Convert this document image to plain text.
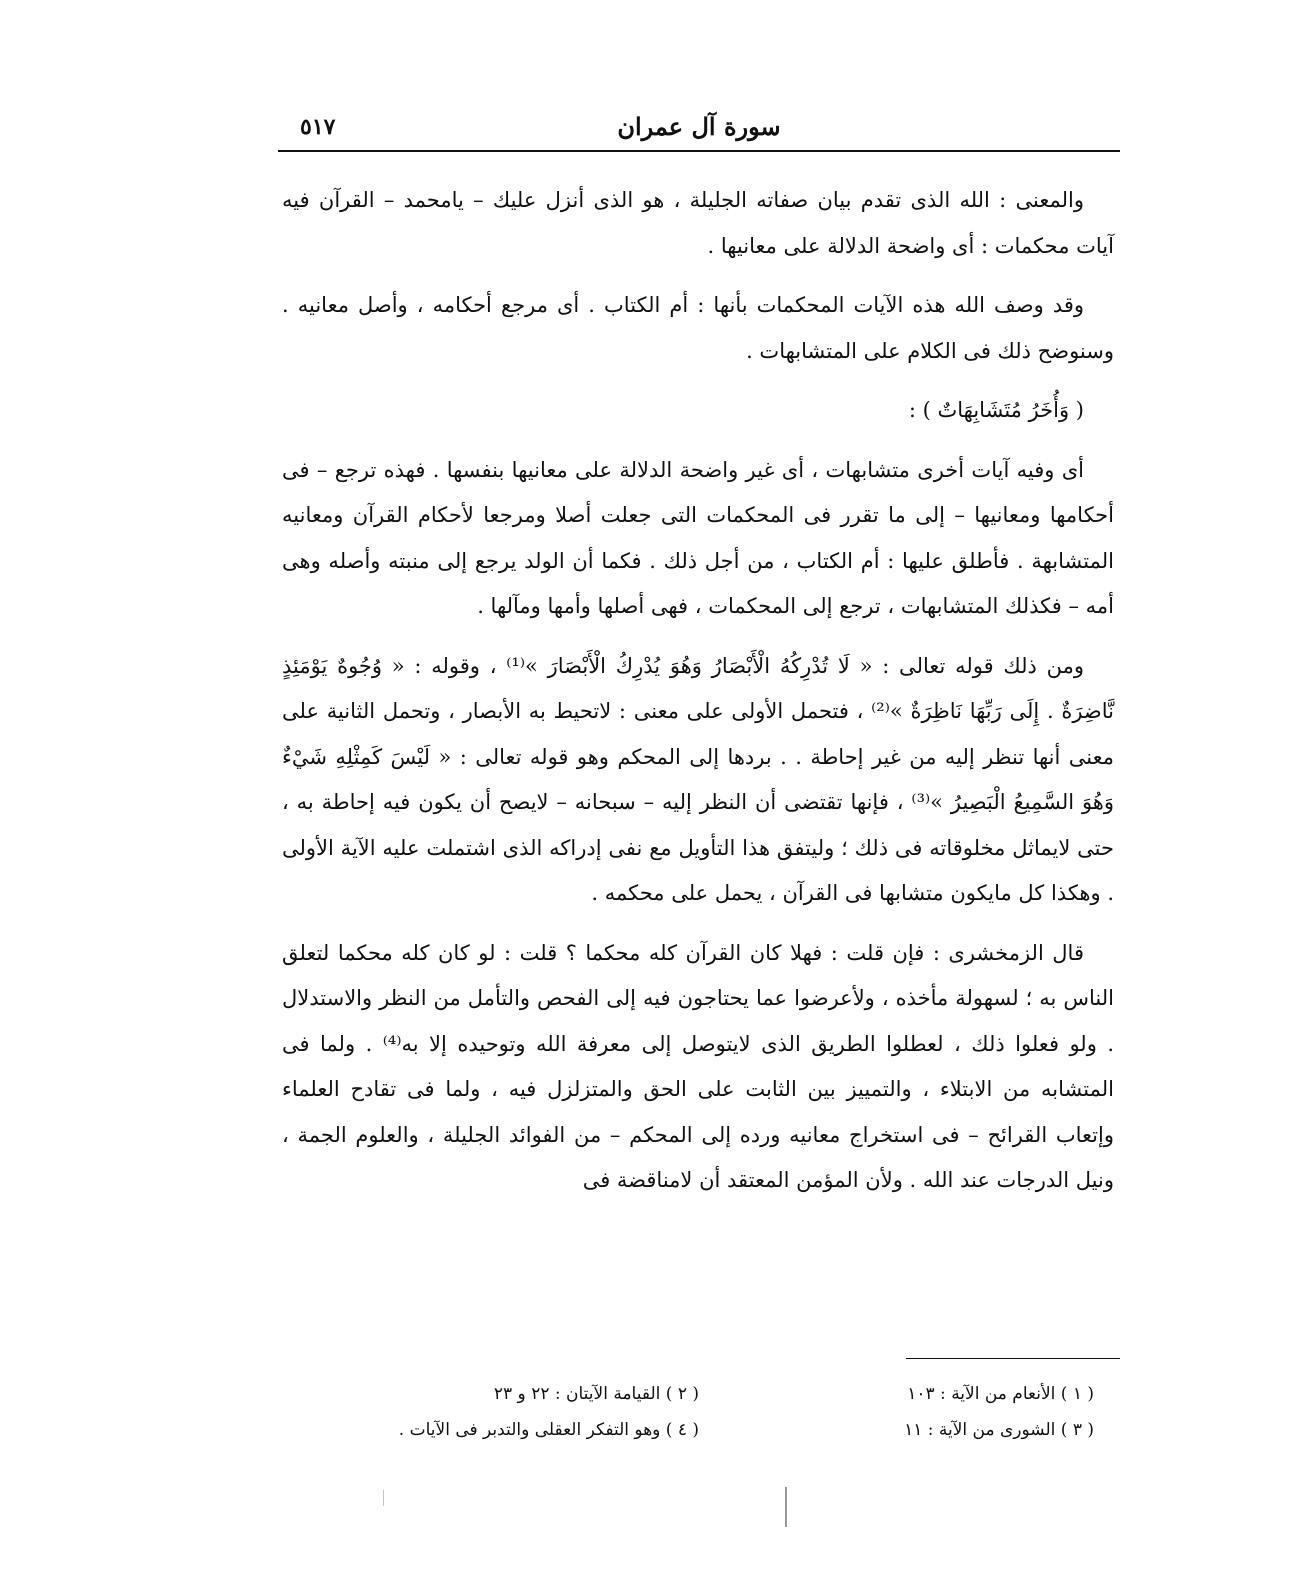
سورة آل عمران
٥١٧

والمعنى : الله الذى تقدم بيان صفاته الجليلة ، هو الذى أنزل عليك – يامحمد – القرآن فيه آيات محكمات : أى واضحة الدلالة على معانيها .

وقد وصف الله هذه الآيات المحكمات بأنها : أم الكتاب . أى مرجع أحكامه ، وأصل معانيه . وسنوضح ذلك فى الكلام على المتشابهات .

( وَأُخَرُ مُتَشَابِهَاتٌ ) :

أى وفيه آيات أخرى متشابهات ، أى غير واضحة الدلالة على معانيها بنفسها . فهذه ترجع – فى أحكامها ومعانيها – إلى ما تقرر فى المحكمات التى جعلت أصلا ومرجعا لأحكام القرآن ومعانيه المتشابهة . فأطلق عليها : أم الكتاب ، من أجل ذلك . فكما أن الولد يرجع إلى منبته وأصله وهى أمه – فكذلك المتشابهات ، ترجع إلى المحكمات ، فهى أصلها وأمها ومآلها .

ومن ذلك قوله تعالى : « لَا تُدْرِكُهُ الْأَبْصَارُ وَهُوَ يُدْرِكُ الْأَبْصَارَ »⁽¹⁾ ، وقوله : « وُجُوهٌ يَوْمَئِذٍ نَّاضِرَةٌ . إِلَى رَبِّهَا نَاظِرَةٌ »⁽²⁾ ، فتحمل الأولى على معنى : لاتحيط به الأبصار ، وتحمل الثانية على معنى أنها تنظر إليه من غير إحاطة . . بردها إلى المحكم وهو قوله تعالى : « لَيْسَ كَمِثْلِهِ شَيْءٌ وَهُوَ السَّمِيعُ الْبَصِيرُ »⁽³⁾ ، فإنها تقتضى أن النظر إليه – سبحانه – لايصح أن يكون فيه إحاطة به ، حتى لايماثل مخلوقاته فى ذلك ؛ وليتفق هذا التأويل مع نفى إدراكه الذى اشتملت عليه الآية الأولى . وهكذا كل مايكون متشابها فى القرآن ، يحمل على محكمه .

قال الزمخشرى : فإن قلت : فهلا كان القرآن كله محكما ؟ قلت : لو كان كله محكما لتعلق الناس به ؛ لسهولة مأخذه ، ولأعرضوا عما يحتاجون فيه إلى الفحص والتأمل من النظر والاستدلال . ولو فعلوا ذلك ، لعطلوا الطريق الذى لايتوصل إلى معرفة الله وتوحيده إلا به⁽⁴⁾ . ولما فى المتشابه من الابتلاء ، والتمييز بين الثابت على الحق والمتزلزل فيه ، ولما فى تقادح العلماء وإتعاب القرائح – فى استخراج معانيه ورده إلى المحكم – من الفوائد الجليلة ، والعلوم الجمة ، ونيل الدرجات عند الله . ولأن المؤمن المعتقد أن لامناقضة فى

( ١ ) الأنعام من الآية : ١٠٣
( ٢ ) القيامة الآيتان : ٢٢ و ٢٣
( ٣ ) الشورى من الآية : ١١
( ٤ ) وهو التفكر العقلى والتدبر فى الآيات .
